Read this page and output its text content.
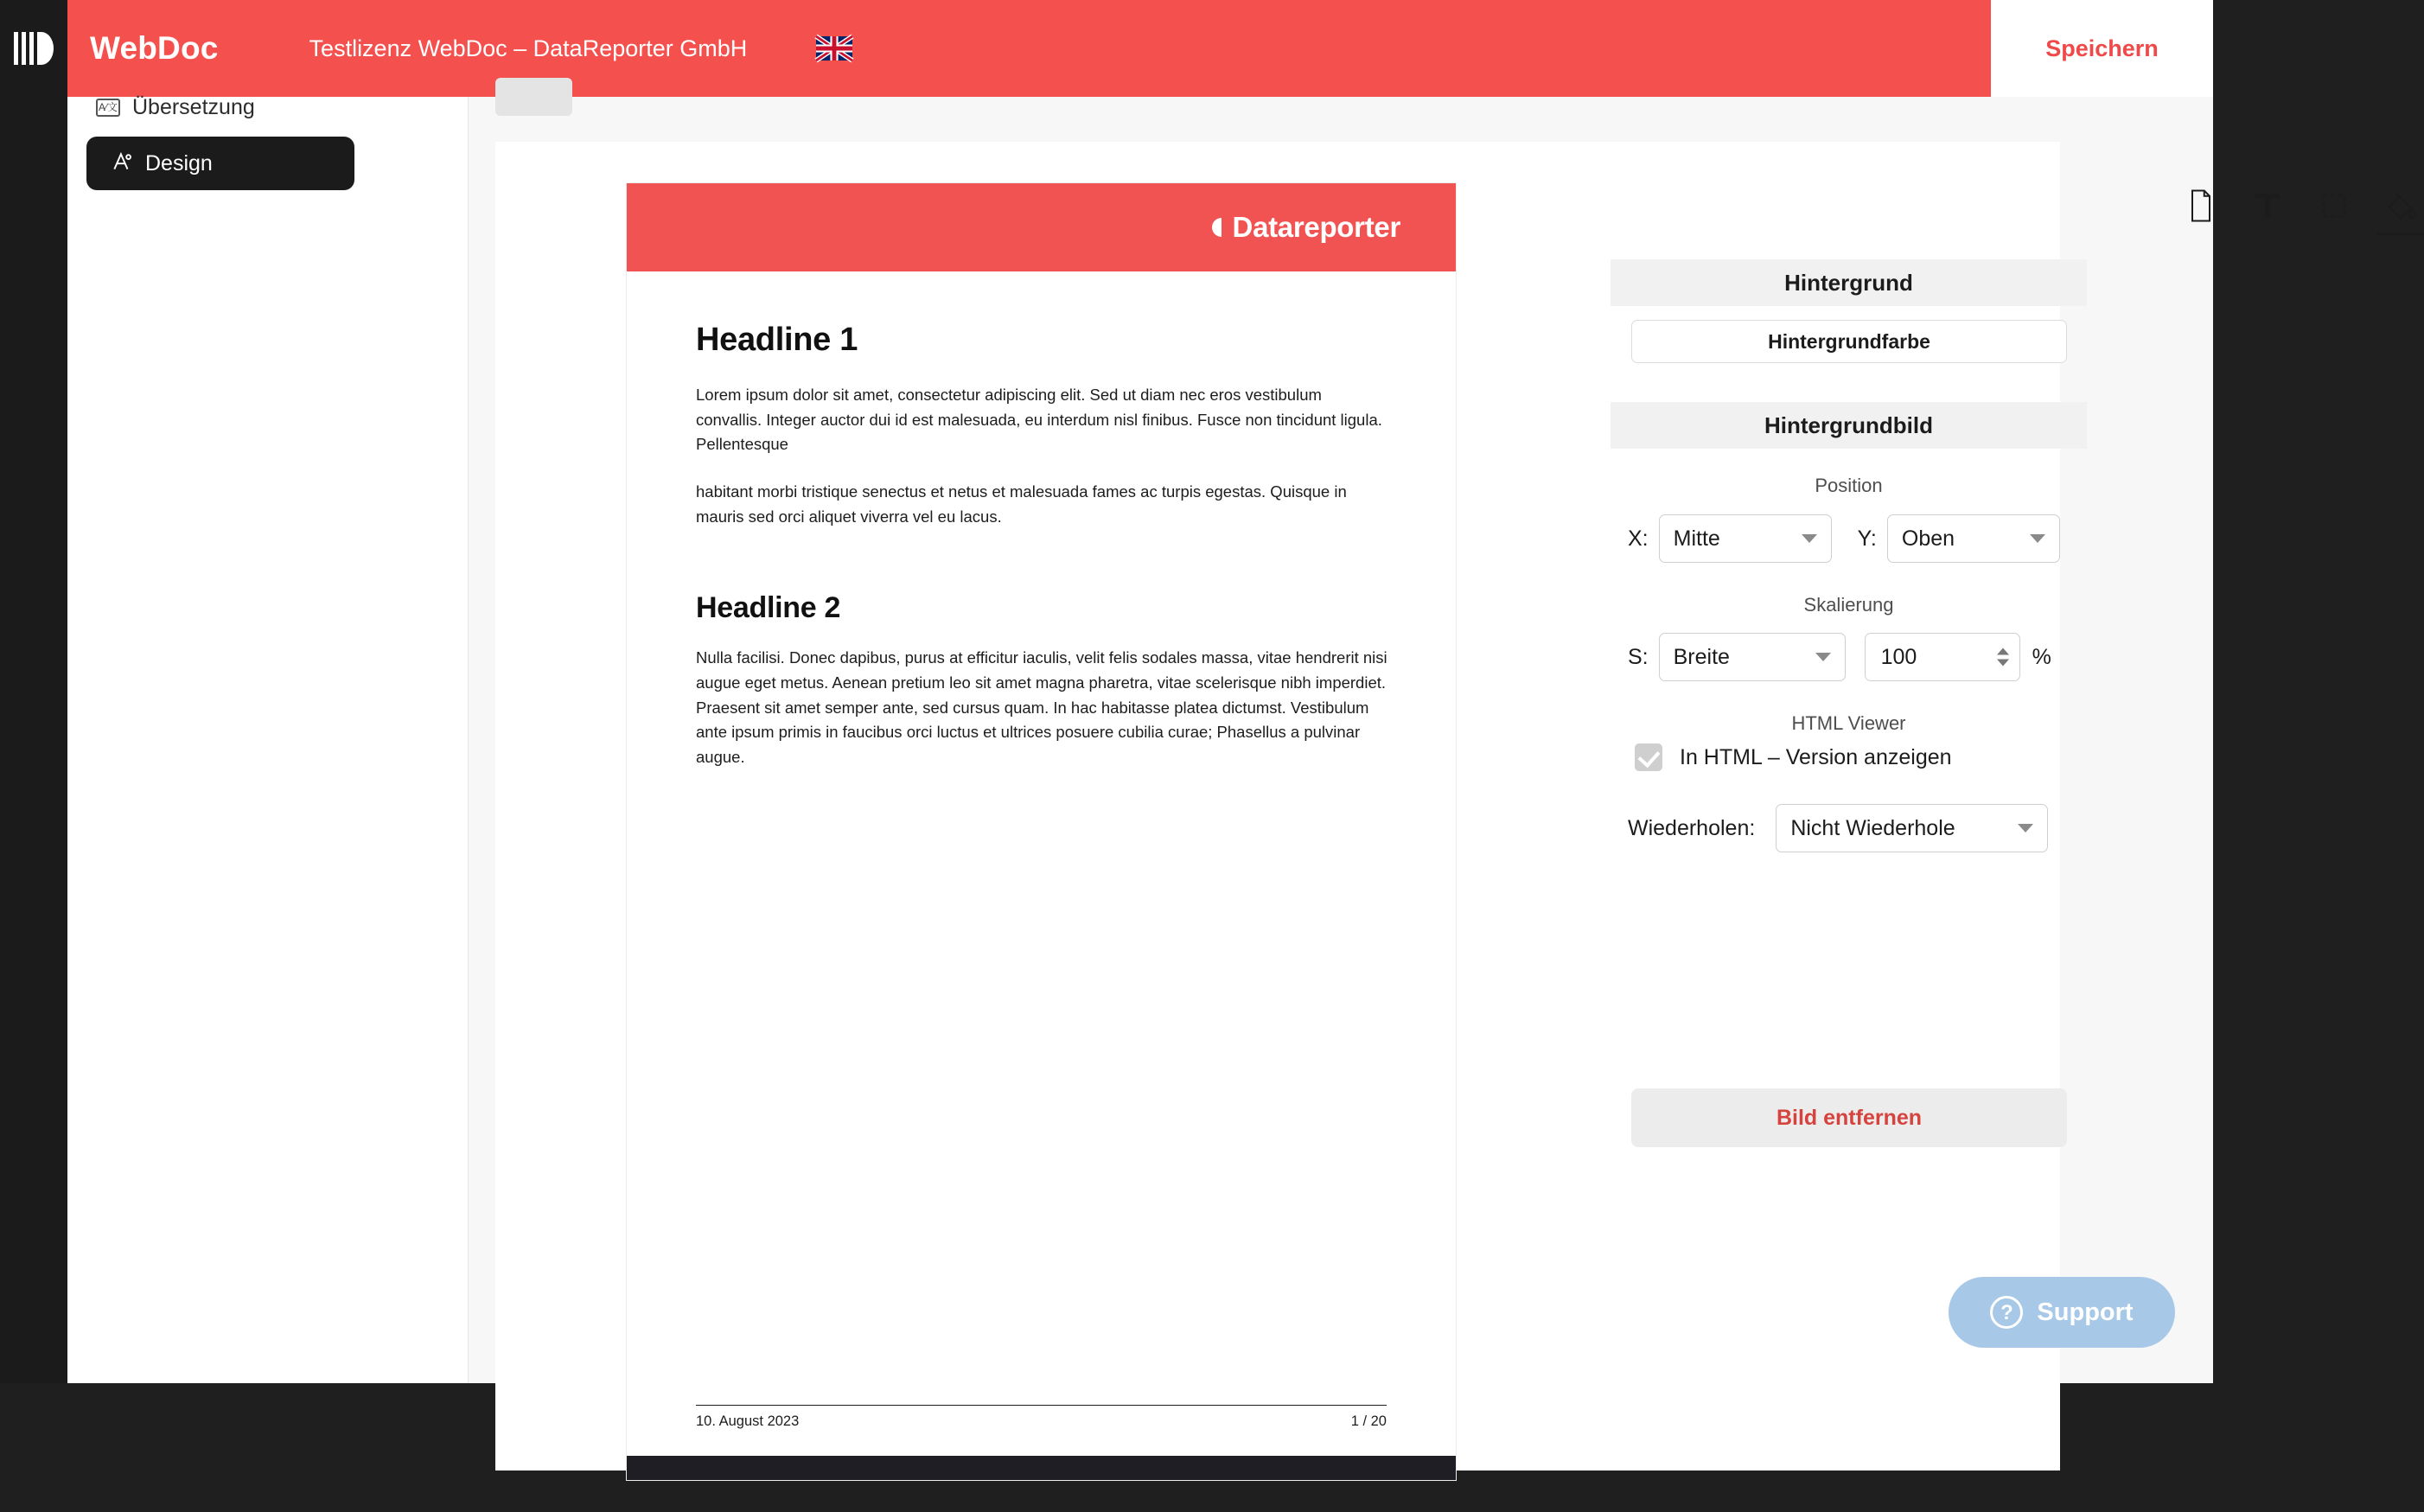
WebDoc	Testlizenz WebDoc – DataReporter GmbH	Speichern
A⁄文 Übersetzung
Design
Datareporter
Headline 1

Lorem ipsum dolor sit amet, consectetur adipiscing elit. Sed ut diam nec eros vestibulum convallis. Integer auctor dui id est malesuada, eu interdum nisl finibus. Fusce non tincidunt ligula. Pellentesque

habitant morbi tristique senectus et netus et malesuada fames ac turpis egestas. Quisque in mauris sed orci aliquet viverra vel eu lacus.

Headline 2

Nulla facilisi. Donec dapibus, purus at efficitur iaculis, velit felis sodales massa, vitae hendrerit nisi augue eget metus. Aenean pretium leo sit amet magna pharetra, vitae scelerisque nibh imperdiet. Praesent sit amet semper ante, sed cursus quam. In hac habitasse platea dictumst. Vestibulum ante ipsum primis in faucibus orci luctus et ultrices posuere cubilia curae; Phasellus a pulvinar augue.

10. August 2023	1 / 20
Hintergrund
Hintergrundfarbe
Hintergrundbild
Position
X: Mitte	Y: Oben
Skalierung
S: Breite
100	%
HTML Viewer
In HTML – Version anzeigen
Wiederholen: Nicht Wiederhole
Bild entfernen
? Support
